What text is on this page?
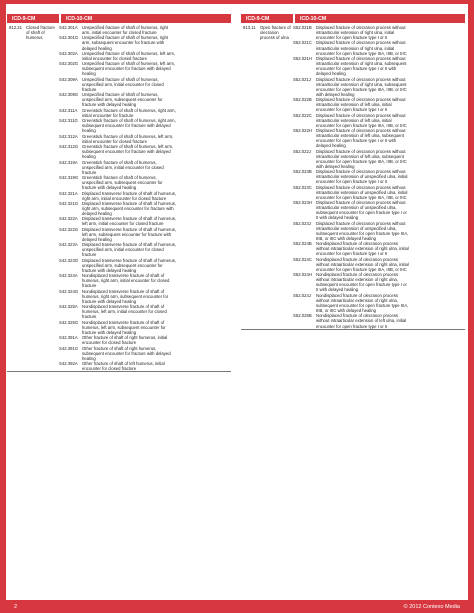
ICD-9-CM	ICD-10-CM
812.21 Closed fracture of shaft of humerus
S42.301A	Unspecified fracture of shaft of humerus, right arm, initial encounter for closed fracture
S42.301G Unspecified fracture of shaft of humerus, right arm, subsequent encounter for fracture with delayed healing
S42.302A	Unspecified fracture of shaft of humerus, left arm, initial encounter for closed fracture
S42.302G Unspecified fracture of shaft of humerus, left arm, subsequent encounter for fracture with delayed healing
S42.309A	Unspecified fracture of shaft of humerus, unspecified arm, initial encounter for closed fracture
S42.309G Unspecified fracture of shaft of humerus, unspecified arm, subsequent encounter for fracture with delayed healing
S42.311A	Greenstick fracture of shaft of humerus, right arm, initial encounter for fracture
S42.311G Greenstick fracture of shaft of humerus, right arm, subsequent encounter for fracture with delayed healing
S42.312A	Greenstick fracture of shaft of humerus, left arm, initial encounter for closed fracture
S42.312G Greenstick fracture of shaft of humerus, left arm, subsequent encounter for fracture with delayed healing
S42.319A	Greenstick fracture of shaft of humerus, unspecified arm, initial encounter for closed fracture
S42.319G Greenstick fracture of shaft of humerus, unspecified arm, subsequent encounter for fracture with delayed healing
S42.321A	Displaced transverse fracture of shaft of humerus, right arm, initial encounter for closed fracture
S42.321G Displaced transverse fracture of shaft of humerus, right arm, subsequent encounter for fracture with delayed healing
S42.322A	Displaced transverse fracture of shaft of humerus, left arm, initial encounter for closed fracture
S42.322G Displaced transverse fracture of shaft of humerus, left arm, subsequent encounter for fracture with delayed healing
S42.323A	Displaced transverse fracture of shaft of humerus, unspecified arm, initial encounter for closed fracture
S42.323G Displaced transverse fracture of shaft of humerus, unspecified arm, subsequent encounter for fracture with delayed healing
S42.324A	Nondisplaced transverse fracture of shaft of humerus, right arm, initial encounter for closed fracture
S42.324G Nondisplaced transverse fracture of shaft of humerus, right arm, subsequent encounter for fracture with delayed healing
S42.325A	Nondisplaced transverse fracture of shaft of humerus, left arm, initial encounter for closed fracture
S42.325G Nondisplaced transverse fracture of shaft of humerus, left arm, subsequent encounter for fracture with delayed healing
S42.391A	Other fracture of shaft of right humerus, initial encounter for closed fracture
S42.391G Other fracture of shaft of right humerus, subsequent encounter for fracture with delayed healing
S42.392A	Other fracture of shaft of left humerus, initial encounter for closed fracture
ICD-9-CM	ICD-10-CM
813.11	Open fracture of olecranon process of ulna
S52.021B	Displaced fracture of olecranon process without intraarticular extension of right ulna, initial encounter for open fracture type I or II
S52.021C Displaced fracture of olecranon process without intraarticular extension of right ulna, initial encounter for open fracture type IIIA, IIIB, or IIIC
S52.021H Displaced fracture of olecranon process without intraarticular extension of right ulna, subsequent encounter for open fracture type I or II with delayed healing
S52.021J	Displaced fracture of olecranon process without intraarticular extension of right ulna, subsequent encounter for open fracture type IIIA, IIIB, or IIIC with delayed healing
S52.022B	Displaced fracture of olecranon process without intraarticular extension of left ulna, initial encounter for open fracture type I or II
S52.022C Displaced fracture of olecranon process without intraarticular extension of left ulna, initial encounter for open fracture type IIIA, IIIB, or IIIC
S52.022H Displaced fracture of olecranon process without intraarticular extension of left ulna, subsequent encounter for open fracture type I or II with delayed healing
S52.022J	Displaced fracture of olecranon process without intraarticular extension of left ulna, subsequent encounter for open fracture type IIIA, IIIB, or IIIC with delayed healing
S52.023B	Displaced fracture of olecranon process without intraarticular extension of unspecified ulna, initial encounter for open fracture type I or II
S52.023C Displaced fracture of olecranon process without intraarticular extension of unspecified ulna, initial encounter for open fracture type IIIA, IIIB, or IIIC
S52.023H Displaced fracture of olecranon process without intraarticular extension of unspecified ulna, subsequent encounter for open fracture type I or II with delayed healing
S52.023J	Displaced fracture of olecranon process without intraarticular extension of unspecified ulna, subsequent encounter for open fracture type IIIA, IIIB, or IIIC with delayed healing
S52.024B	Nondisplaced fracture of olecranon process without intraarticular extension of right ulna, initial encounter for open fracture type I or II
S52.024C Nondisplaced fracture of olecranon process without intraarticular extension of right ulna, initial encounter for open fracture type IIIA, IIIB, or IIIC
S52.024H Nondisplaced fracture of olecranon process without intraarticular extension of right ulna, subsequent encounter for open fracture type I or II with delayed healing
S52.024J	Nondisplaced fracture of olecranon process without intraarticular extension of right ulna, subsequent encounter for open fracture type IIIA, IIIB, or IIIC with delayed healing
S52.025B	Nondisplaced fracture of olecranon process without intraarticular extension of left ulna, initial encounter for open fracture type I or II
2	© 2012 Contexo Media
